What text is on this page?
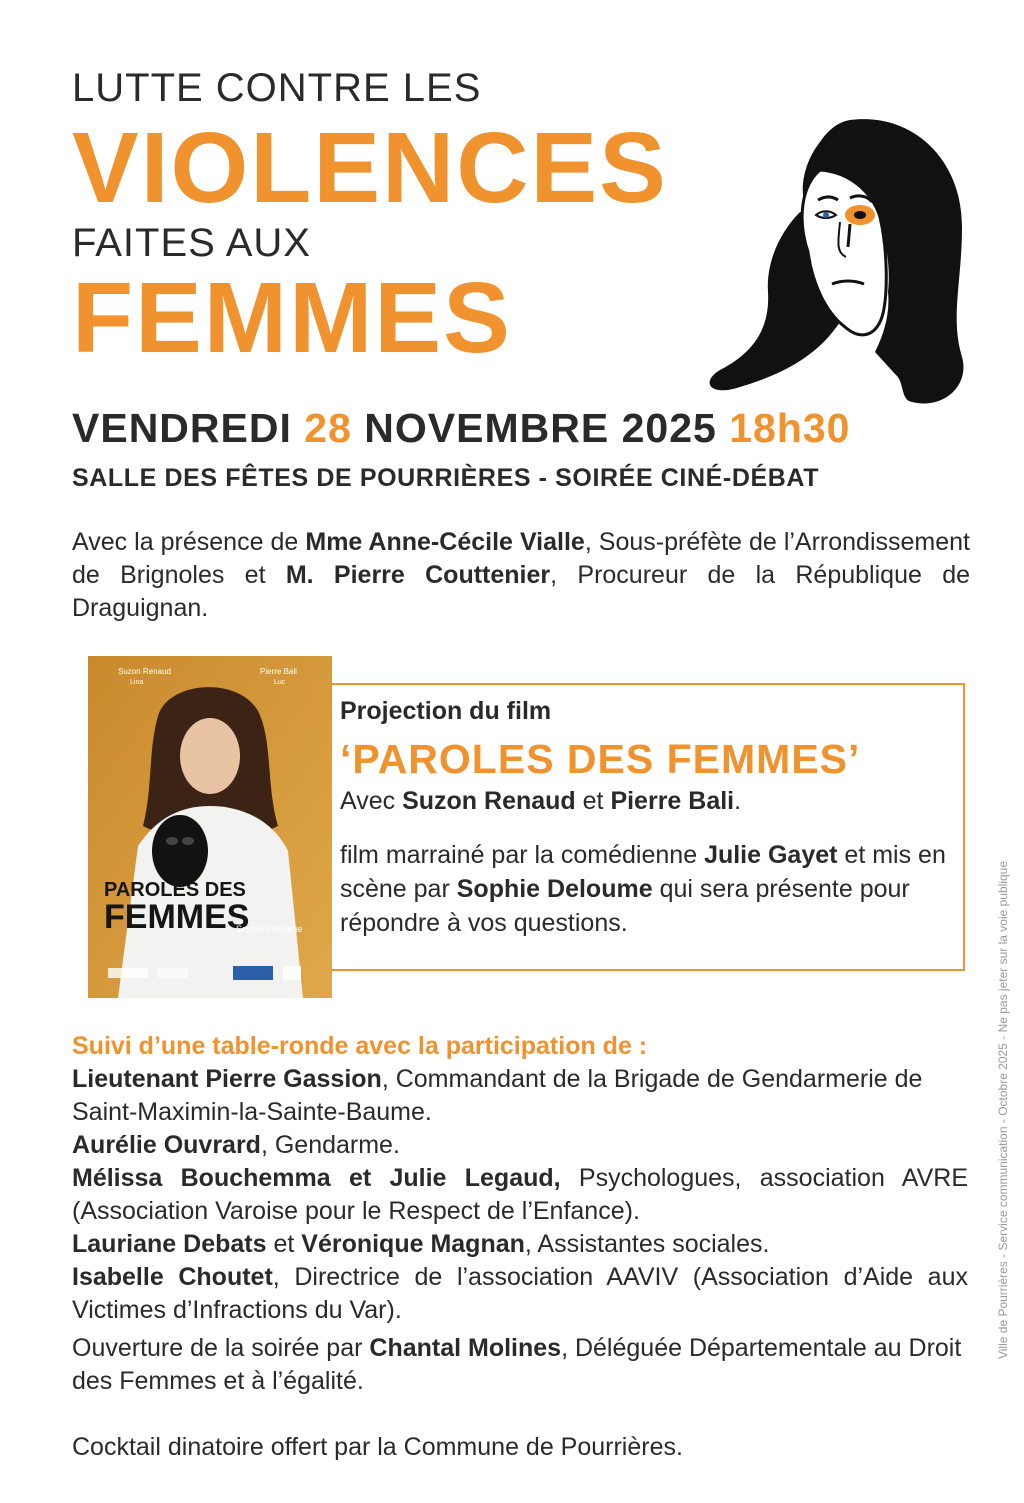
LUTTE CONTRE LES
VIOLENCES
FAITES AUX
FEMMES
VENDREDI 28 NOVEMBRE 2025 18h30
SALLE DES FÊTES DE POURRIÈRES - SOIRÉE CINÉ-DÉBAT
Avec la présence de Mme Anne-Cécile Vialle, Sous-préfète de l’Arrondissement de Brignoles et M. Pierre Couttenier, Procureur de la République de Draguignan.
Suzon Renaud
Lina
Pierre Bali
Luc
PAROLES DES
FEMMES
Sophie Deloume
Projection du film
‘PAROLES DES FEMMES’
Avec Suzon Renaud et Pierre Bali.
film marrainé par la comédienne Julie Gayet et mis en scène par Sophie Deloume qui sera présente pour répondre à vos questions.
Suivi d’une table-ronde avec la participation de :
Lieutenant Pierre Gassion, Commandant de la Brigade de Gendarmerie de Saint-Maximin-la-Sainte-Baume.
Aurélie Ouvrard, Gendarme.
Mélissa Bouchemma et Julie Legaud, Psychologues, association AVRE (Association Varoise pour le Respect de l’Enfance).
Lauriane Debats et Véronique Magnan, Assistantes sociales.
Isabelle Choutet, Directrice de l’association AAVIV (Association d’Aide aux Victimes d’Infractions du Var).
Ouverture de la soirée par Chantal Molines, Déléguée Départementale au Droit des Femmes et à l’égalité.
Cocktail dinatoire offert par la Commune de Pourrières.
Ville de Pourrières - Service communication - Octobre 2025 - Ne pas jeter sur la voie publique
